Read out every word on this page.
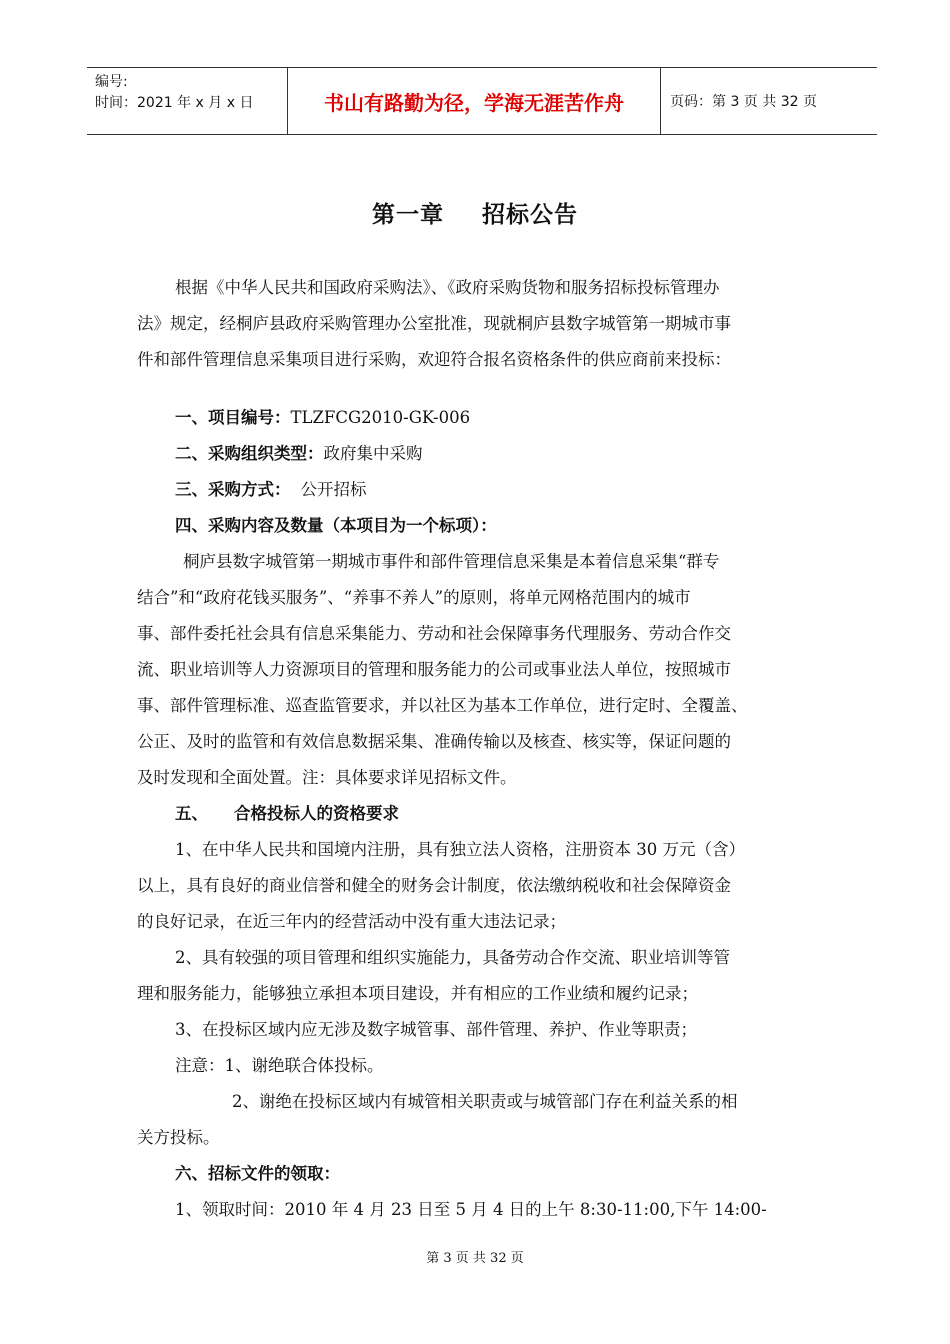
编号:
时间：2021 年 x 月 x 日	书山有路勤为径，学海无涯苦作舟	页码：第 3 页 共 32 页
第一章 招标公告
根据《中华人民共和国政府采购法》、《政府采购货物和服务招标投标管理办
法》规定，经桐庐县政府采购管理办公室批准，现就桐庐县数字城管第一期城市事
件和部件管理信息采集项目进行采购，欢迎符合报名资格条件的供应商前来投标：
一、项目编号：TLZFCG2010-GK-006
二、采购组织类型：政府集中采购
三、采购方式： 公开招标
四、采购内容及数量（本项目为一个标项）：
桐庐县数字城管第一期城市事件和部件管理信息采集是本着信息采集“群专
结合”和“政府花钱买服务”、“养事不养人”的原则，将单元网格范围内的城市
事、部件委托社会具有信息采集能力、劳动和社会保障事务代理服务、劳动合作交
流、职业培训等人力资源项目的管理和服务能力的公司或事业法人单位，按照城市
事、部件管理标准、巡查监管要求，并以社区为基本工作单位，进行定时、全覆盖、
公正、及时的监管和有效信息数据采集、准确传输以及核查、核实等，保证问题的
及时发现和全面处置。注：具体要求详见招标文件。
五、 合格投标人的资格要求
1、在中华人民共和国境内注册，具有独立法人资格，注册资本 30 万元（含）
以上，具有良好的商业信誉和健全的财务会计制度，依法缴纳税收和社会保障资金
的良好记录，在近三年内的经营活动中没有重大违法记录；
2、具有较强的项目管理和组织实施能力，具备劳动合作交流、职业培训等管
理和服务能力，能够独立承担本项目建设，并有相应的工作业绩和履约记录；
3、在投标区域内应无涉及数字城管事、部件管理、养护、作业等职责；
注意：1、谢绝联合体投标。
2、谢绝在投标区域内有城管相关职责或与城管部门存在利益关系的相
关方投标。
六、招标文件的领取：
1、领取时间：2010 年 4 月 23 日至 5 月 4 日的上午 8:30-11:00,下午 14:00-
第 3 页 共 32 页
